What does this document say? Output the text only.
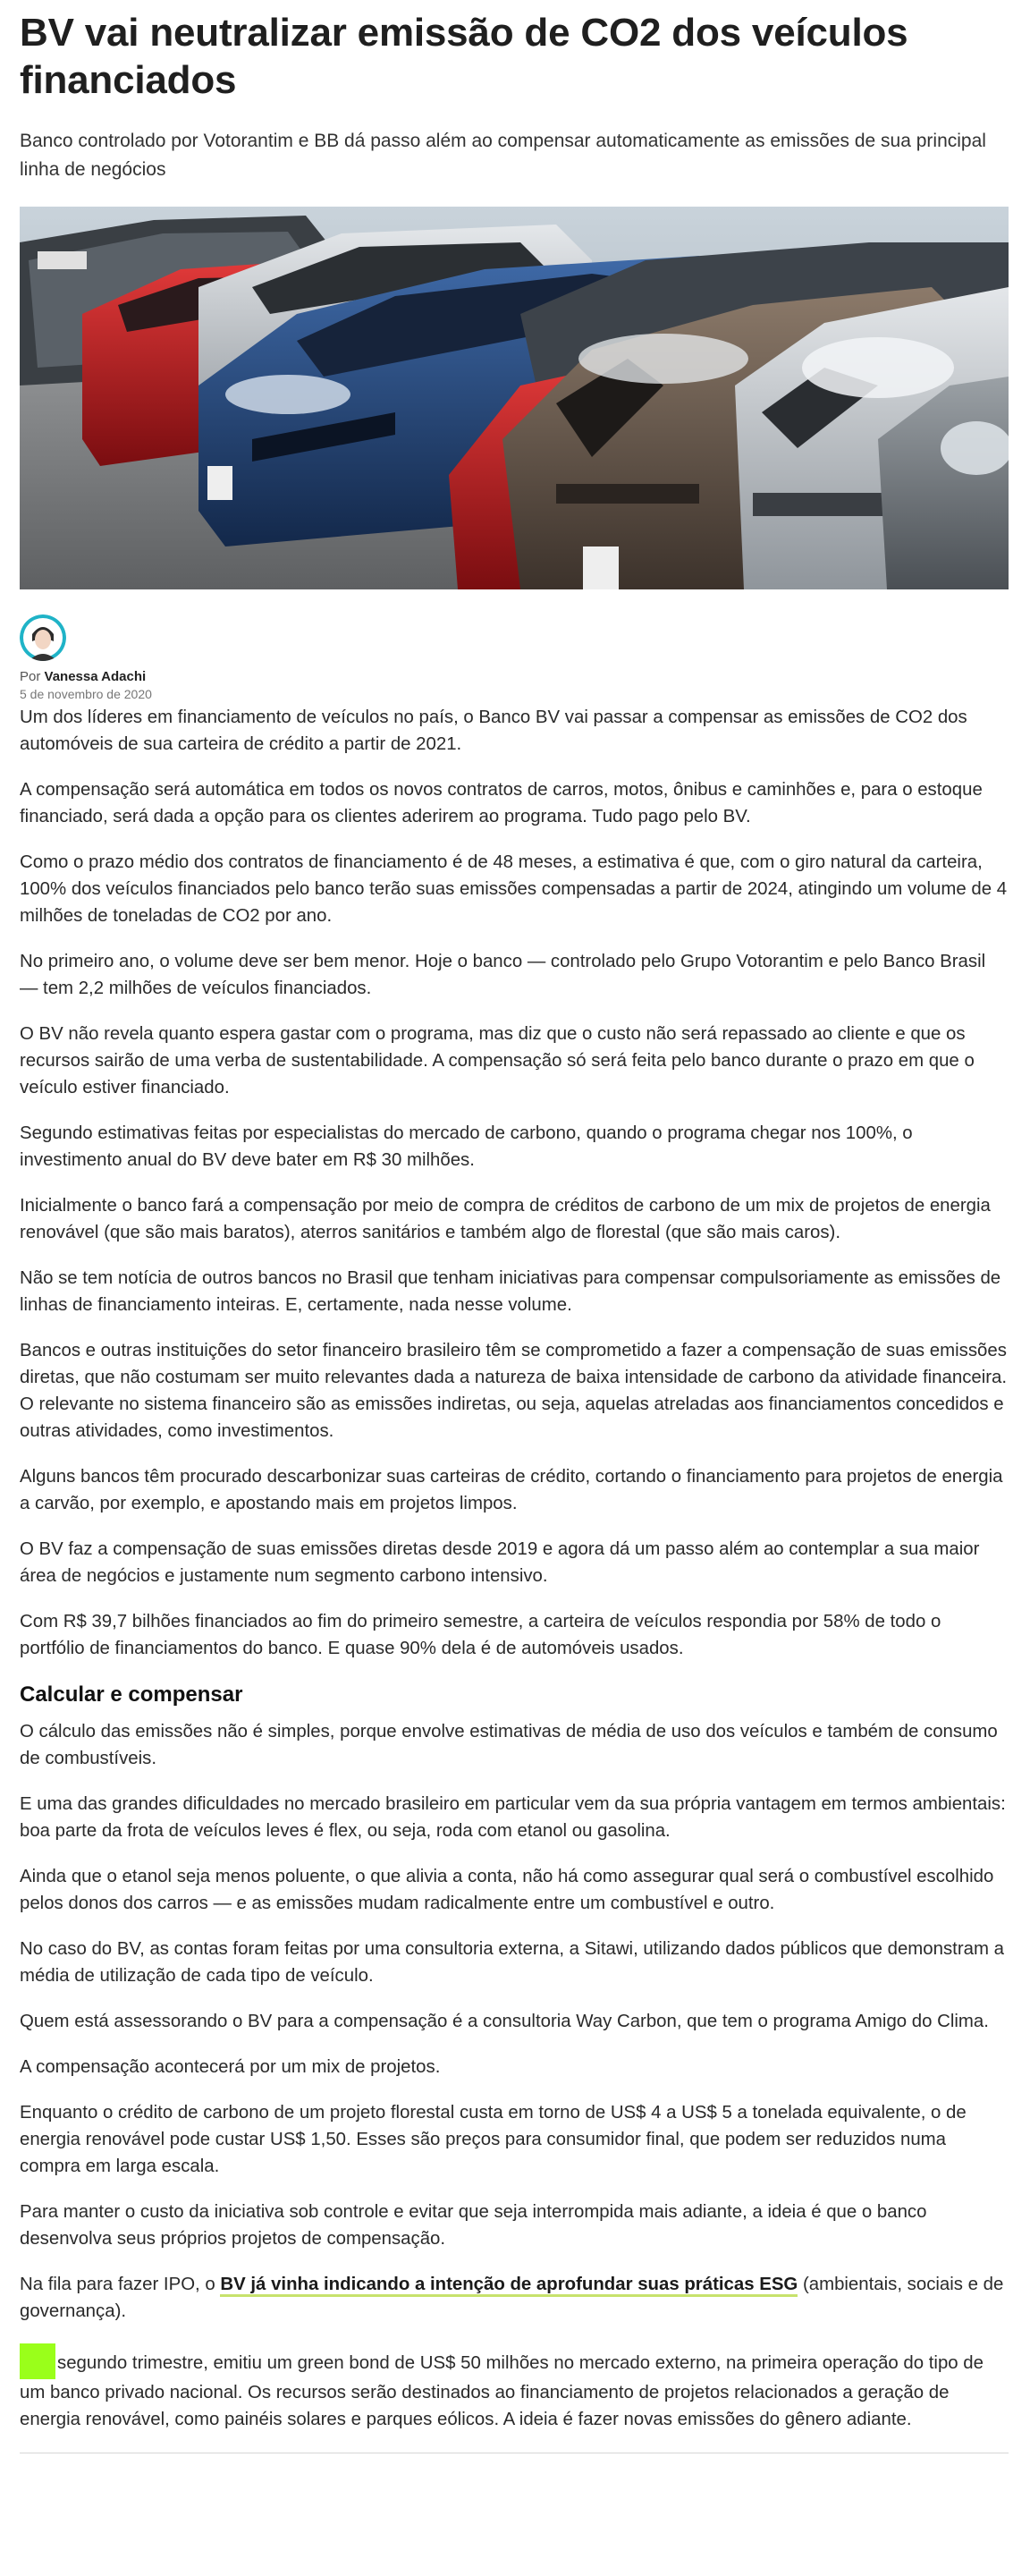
BV vai neutralizar emissão de CO2 dos veículos financiados

Banco controlado por Votorantim e BB dá passo além ao compensar automaticamente as emissões de sua principal linha de negócios

Por Vanessa Adachi
5 de novembro de 2020

Um dos líderes em financiamento de veículos no país, o Banco BV vai passar a compensar as emissões de CO2 dos automóveis de sua carteira de crédito a partir de 2021.

A compensação será automática em todos os novos contratos de carros, motos, ônibus e caminhões e, para o estoque financiado, será dada a opção para os clientes aderirem ao programa. Tudo pago pelo BV.

Como o prazo médio dos contratos de financiamento é de 48 meses, a estimativa é que, com o giro natural da carteira, 100% dos veículos financiados pelo banco terão suas emissões compensadas a partir de 2024, atingindo um volume de 4 milhões de toneladas de CO2 por ano.

No primeiro ano, o volume deve ser bem menor. Hoje o banco — controlado pelo Grupo Votorantim e pelo Banco Brasil — tem 2,2 milhões de veículos financiados.

O BV não revela quanto espera gastar com o programa, mas diz que o custo não será repassado ao cliente e que os recursos sairão de uma verba de sustentabilidade. A compensação só será feita pelo banco durante o prazo em que o veículo estiver financiado.

Segundo estimativas feitas por especialistas do mercado de carbono, quando o programa chegar nos 100%, o investimento anual do BV deve bater em R$ 30 milhões.

Inicialmente o banco fará a compensação por meio de compra de créditos de carbono de um mix de projetos de energia renovável (que são mais baratos), aterros sanitários e também algo de florestal (que são mais caros).

Não se tem notícia de outros bancos no Brasil que tenham iniciativas para compensar compulsoriamente as emissões de linhas de financiamento inteiras. E, certamente, nada nesse volume.

Bancos e outras instituições do setor financeiro brasileiro têm se comprometido a fazer a compensação de suas emissões diretas, que não costumam ser muito relevantes dada a natureza de baixa intensidade de carbono da atividade financeira. O relevante no sistema financeiro são as emissões indiretas, ou seja, aquelas atreladas aos financiamentos concedidos e outras atividades, como investimentos.

Alguns bancos têm procurado descarbonizar suas carteiras de crédito, cortando o financiamento para projetos de energia a carvão, por exemplo, e apostando mais em projetos limpos.

O BV faz a compensação de suas emissões diretas desde 2019 e agora dá um passo além ao contemplar a sua maior área de negócios e justamente num segmento carbono intensivo.

Com R$ 39,7 bilhões financiados ao fim do primeiro semestre, a carteira de veículos respondia por 58% de todo o portfólio de financiamentos do banco. E quase 90% dela é de automóveis usados.

Calcular e compensar

O cálculo das emissões não é simples, porque envolve estimativas de média de uso dos veículos e também de consumo de combustíveis.

E uma das grandes dificuldades no mercado brasileiro em particular vem da sua própria vantagem em termos ambientais: boa parte da frota de veículos leves é flex, ou seja, roda com etanol ou gasolina.

Ainda que o etanol seja menos poluente, o que alivia a conta, não há como assegurar qual será o combustível escolhido pelos donos dos carros — e as emissões mudam radicalmente entre um combustível e outro.

No caso do BV, as contas foram feitas por uma consultoria externa, a Sitawi, utilizando dados públicos que demonstram a média de utilização de cada tipo de veículo.

Quem está assessorando o BV para a compensação é a consultoria Way Carbon, que tem o programa Amigo do Clima.

A compensação acontecerá por um mix de projetos.

Enquanto o crédito de carbono de um projeto florestal custa em torno de US$ 4 a US$ 5 a tonelada equivalente, o de energia renovável pode custar US$ 1,50. Esses são preços para consumidor final, que podem ser reduzidos numa compra em larga escala.

Para manter o custo da iniciativa sob controle e evitar que seja interrompida mais adiante, a ideia é que o banco desenvolva seus próprios projetos de compensação.

Na fila para fazer IPO, o BV já vinha indicando a intenção de aprofundar suas práticas ESG (ambientais, sociais e de governança).

segundo trimestre, emitiu um green bond de US$ 50 milhões no mercado externo, na primeira operação do tipo de um banco privado nacional. Os recursos serão destinados ao financiamento de projetos relacionados a geração de energia renovável, como painéis solares e parques eólicos. A ideia é fazer novas emissões do gênero adiante.
